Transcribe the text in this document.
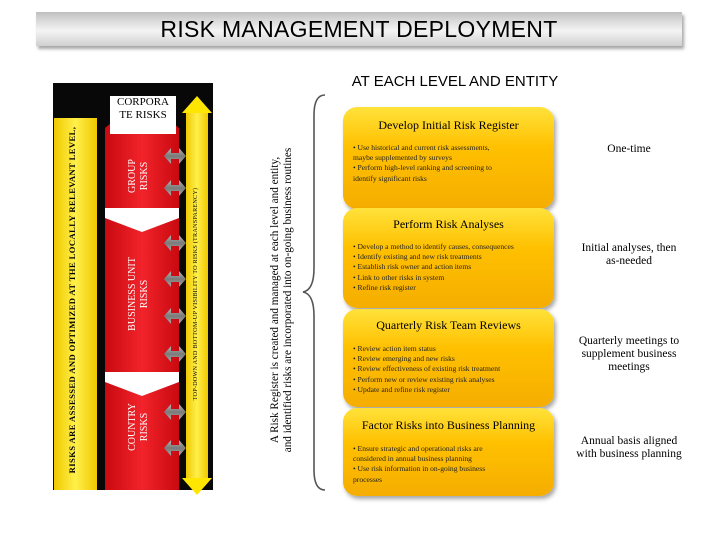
RISK MANAGEMENT DEPLOYMENT
AT EACH LEVEL AND ENTITY
CORPORA TE RISKS
RISKS ARE ASSESSED AND OPTIMIZED AT THE LOCALLY RELEVANT LEVEL,	GROUP RISKS
BUSINESS UNIT RISKS
COUNTRY RISKS
TOP-DOWN AND BOTTOM-UP VISIBILITY TO RISKS (TRANSPARENCY)	A Risk Register is created and managed at each level and entity, and identified risks are incorporated into on-going business routines
Develop Initial Risk Register
• Use historical and current risk assessments,
maybe supplemented by surveys
• Perform high-level ranking and screening to
identify significant risks
One-time
Perform Risk Analyses
• Develop a method to identify causes, consequences
• Identify existing and new risk treatments
• Establish risk owner and action items
• Link to other risks in system
• Refine risk register
Initial analyses, then as-needed
Quarterly Risk Team Reviews
• Review action item status
• Review emerging and new risks
• Review effectiveness of existing risk treatment
• Perform new or review existing risk analyses
• Update and refine risk register
Quarterly meetings to supplement business meetings
Factor Risks into Business Planning
• Ensure strategic and operational risks are
considered in annual business planning
• Use risk information in on-going business
processes
Annual basis aligned with business planning
